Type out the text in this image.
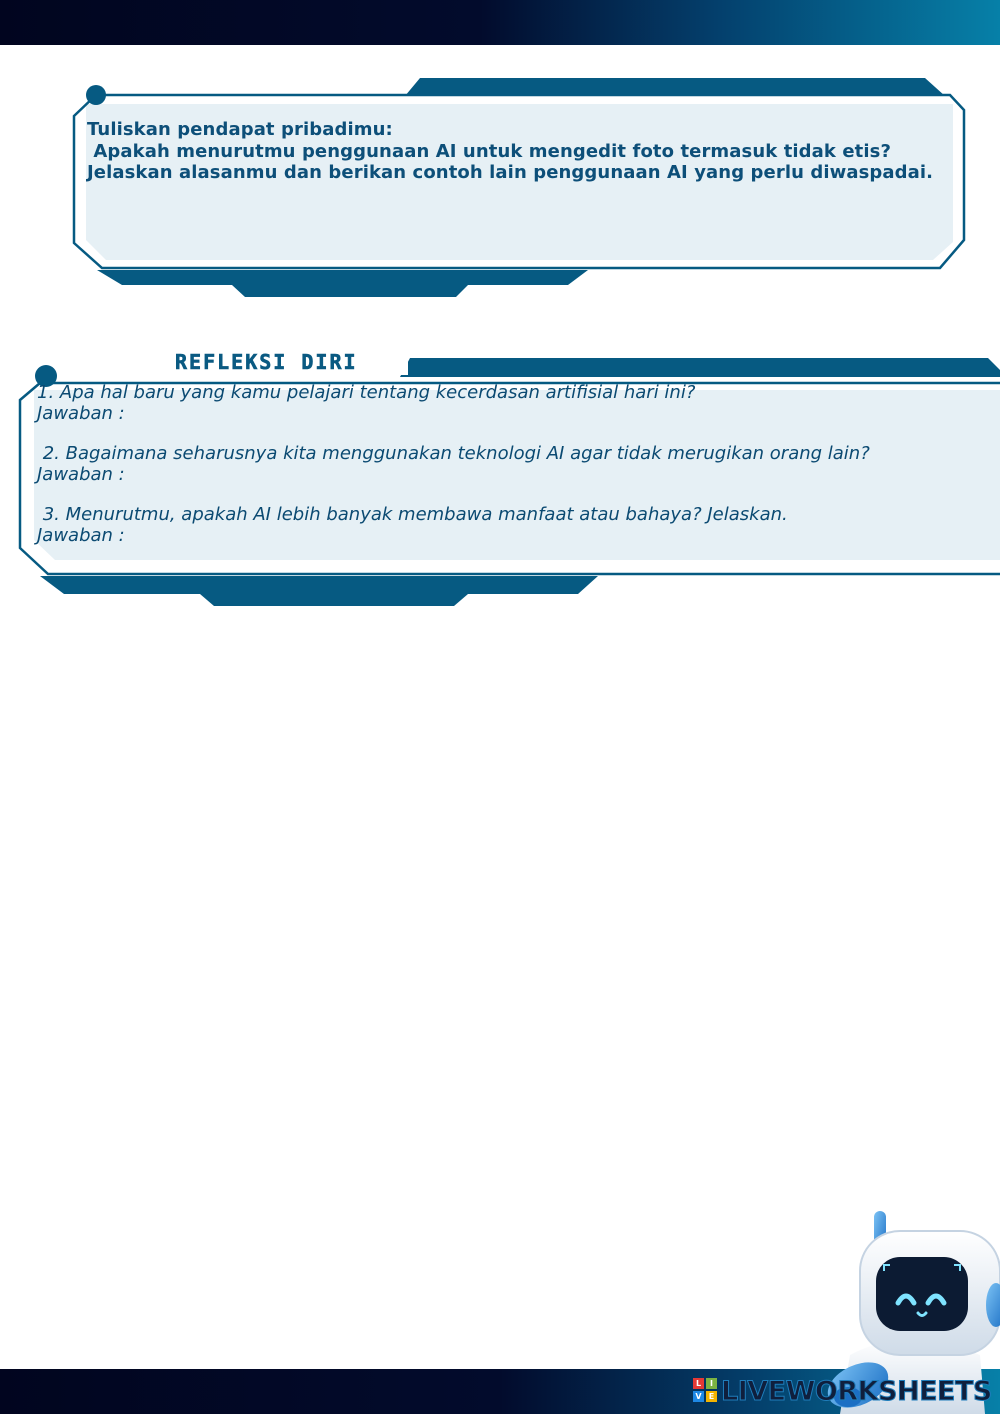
Tuliskan pendapat pribadimu:
Apakah menurutmu penggunaan AI untuk mengedit foto termasuk tidak etis?
Jelaskan alasanmu dan berikan contoh lain penggunaan AI yang perlu diwaspadai.
REFLEKSI DIRI
1. Apa hal baru yang kamu pelajari tentang kecerdasan artifisial hari ini?
Jawaban :
2. Bagaimana seharusnya kita menggunakan teknologi AI agar tidak merugikan orang lain?
Jawaban :
3. Menurutmu, apakah AI lebih banyak membawa manfaat atau bahaya? Jelaskan.
Jawaban :
L	I
V E LIVEWORKSHEETS
